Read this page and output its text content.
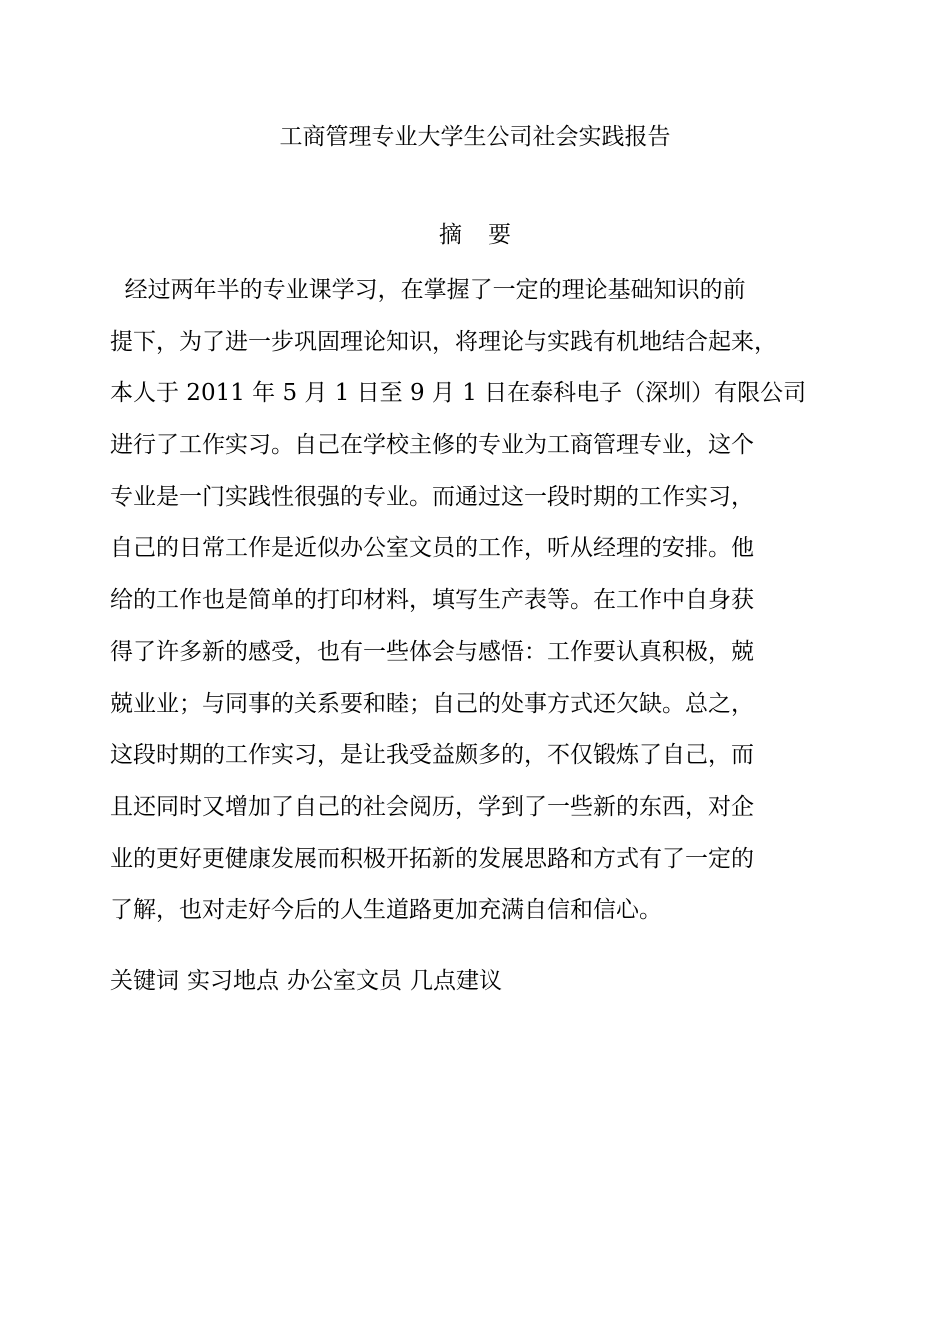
工商管理专业大学生公司社会实践报告
摘要
经过两年半的专业课学习，在掌握了一定的理论基础知识的前
提下，为了进一步巩固理论知识，将理论与实践有机地结合起来，
本人于 2011 年 5 月 1 日至 9 月 1 日在泰科电子（深圳）有限公司
进行了工作实习。自己在学校主修的专业为工商管理专业，这个
专业是一门实践性很强的专业。而通过这一段时期的工作实习，
自己的日常工作是近似办公室文员的工作，听从经理的安排。他
给的工作也是简单的打印材料，填写生产表等。在工作中自身获
得了许多新的感受，也有一些体会与感悟：工作要认真积极，兢
兢业业；与同事的关系要和睦；自己的处事方式还欠缺。总之，
这段时期的工作实习，是让我受益颇多的，不仅锻炼了自己，而
且还同时又增加了自己的社会阅历，学到了一些新的东西，对企
业的更好更健康发展而积极开拓新的发展思路和方式有了一定的
了解，也对走好今后的人生道路更加充满自信和信心。
关键词 实习地点 办公室文员 几点建议
